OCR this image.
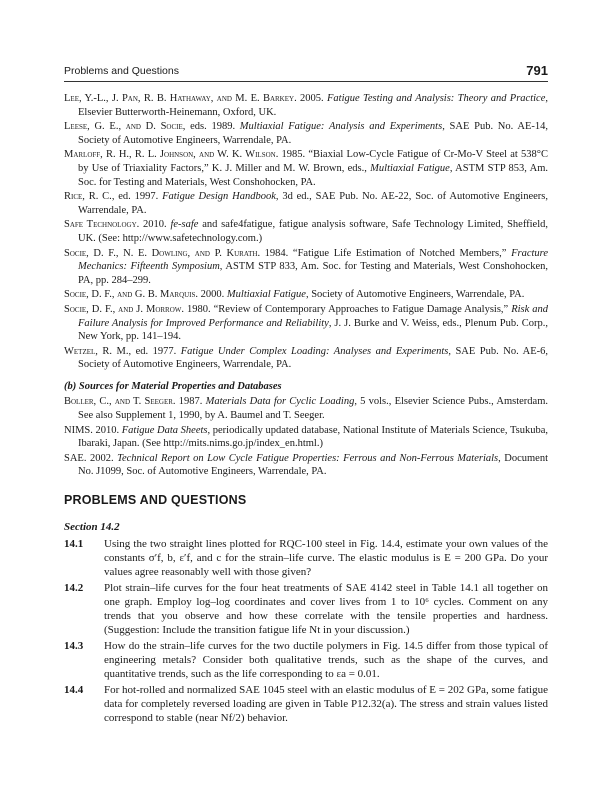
Problems and Questions	791
Lee, Y.-L., J. Pan, R. B. Hathaway, and M. E. Barkey. 2005. Fatigue Testing and Analysis: Theory and Practice, Elsevier Butterworth-Heinemann, Oxford, UK.
Leese, G. E., and D. Socie, eds. 1989. Multiaxial Fatigue: Analysis and Experiments, SAE Pub. No. AE-14, Society of Automotive Engineers, Warrendale, PA.
Marloff, R. H., R. L. Johnson, and W. K. Wilson. 1985. “Biaxial Low-Cycle Fatigue of Cr-Mo-V Steel at 538°C by Use of Triaxiality Factors,” K. J. Miller and M. W. Brown, eds., Multiaxial Fatigue, ASTM STP 853, Am. Soc. for Testing and Materials, West Conshohocken, PA.
Rice, R. C., ed. 1997. Fatigue Design Handbook, 3d ed., SAE Pub. No. AE-22, Soc. of Automotive Engineers, Warrendale, PA.
Safe Technology. 2010. fe-safe and safe4fatigue, fatigue analysis software, Safe Technology Limited, Sheffield, UK. (See: http://www.safetechnology.com.)
Socie, D. F., N. E. Dowling, and P. Kurath. 1984. “Fatigue Life Estimation of Notched Members,” Fracture Mechanics: Fifteenth Symposium, ASTM STP 833, Am. Soc. for Testing and Materials, West Conshohocken, PA, pp. 284–299.
Socie, D. F., and G. B. Marquis. 2000. Multiaxial Fatigue, Society of Automotive Engineers, Warrendale, PA.
Socie, D. F., and J. Morrow. 1980. “Review of Contemporary Approaches to Fatigue Damage Analysis,” Risk and Failure Analysis for Improved Performance and Reliability, J. J. Burke and V. Weiss, eds., Plenum Pub. Corp., New York, pp. 141–194.
Wetzel, R. M., ed. 1977. Fatigue Under Complex Loading: Analyses and Experiments, SAE Pub. No. AE-6, Society of Automotive Engineers, Warrendale, PA.
(b) Sources for Material Properties and Databases
Boller, C., and T. Seeger. 1987. Materials Data for Cyclic Loading, 5 vols., Elsevier Science Pubs., Amsterdam. See also Supplement 1, 1990, by A. Baumel and T. Seeger.
NIMS. 2010. Fatigue Data Sheets, periodically updated database, National Institute of Materials Science, Tsukuba, Ibaraki, Japan. (See http://mits.nims.go.jp/index_en.html.)
SAE. 2002. Technical Report on Low Cycle Fatigue Properties: Ferrous and Non-Ferrous Materials, Document No. J1099, Soc. of Automotive Engineers, Warrendale, PA.
PROBLEMS AND QUESTIONS
Section 14.2
14.1 Using the two straight lines plotted for RQC-100 steel in Fig. 14.4, estimate your own values of the constants σ′f, b, ε′f, and c for the strain–life curve. The elastic modulus is E = 200 GPa. Do your values agree reasonably well with those given?
14.2 Plot strain–life curves for the four heat treatments of SAE 4142 steel in Table 14.1 all together on one graph. Employ log–log coordinates and cover lives from 1 to 10⁶ cycles. Comment on any trends that you observe and how these correlate with the tensile properties and hardness. (Suggestion: Include the transition fatigue life Nt in your discussion.)
14.3 How do the strain–life curves for the two ductile polymers in Fig. 14.5 differ from those typical of engineering metals? Consider both qualitative trends, such as the shape of the curves, and quantitative trends, such as the life corresponding to εa = 0.01.
14.4 For hot-rolled and normalized SAE 1045 steel with an elastic modulus of E = 202 GPa, some fatigue data for completely reversed loading are given in Table P12.32(a). The stress and strain values listed correspond to stable (near Nf/2) behavior.
